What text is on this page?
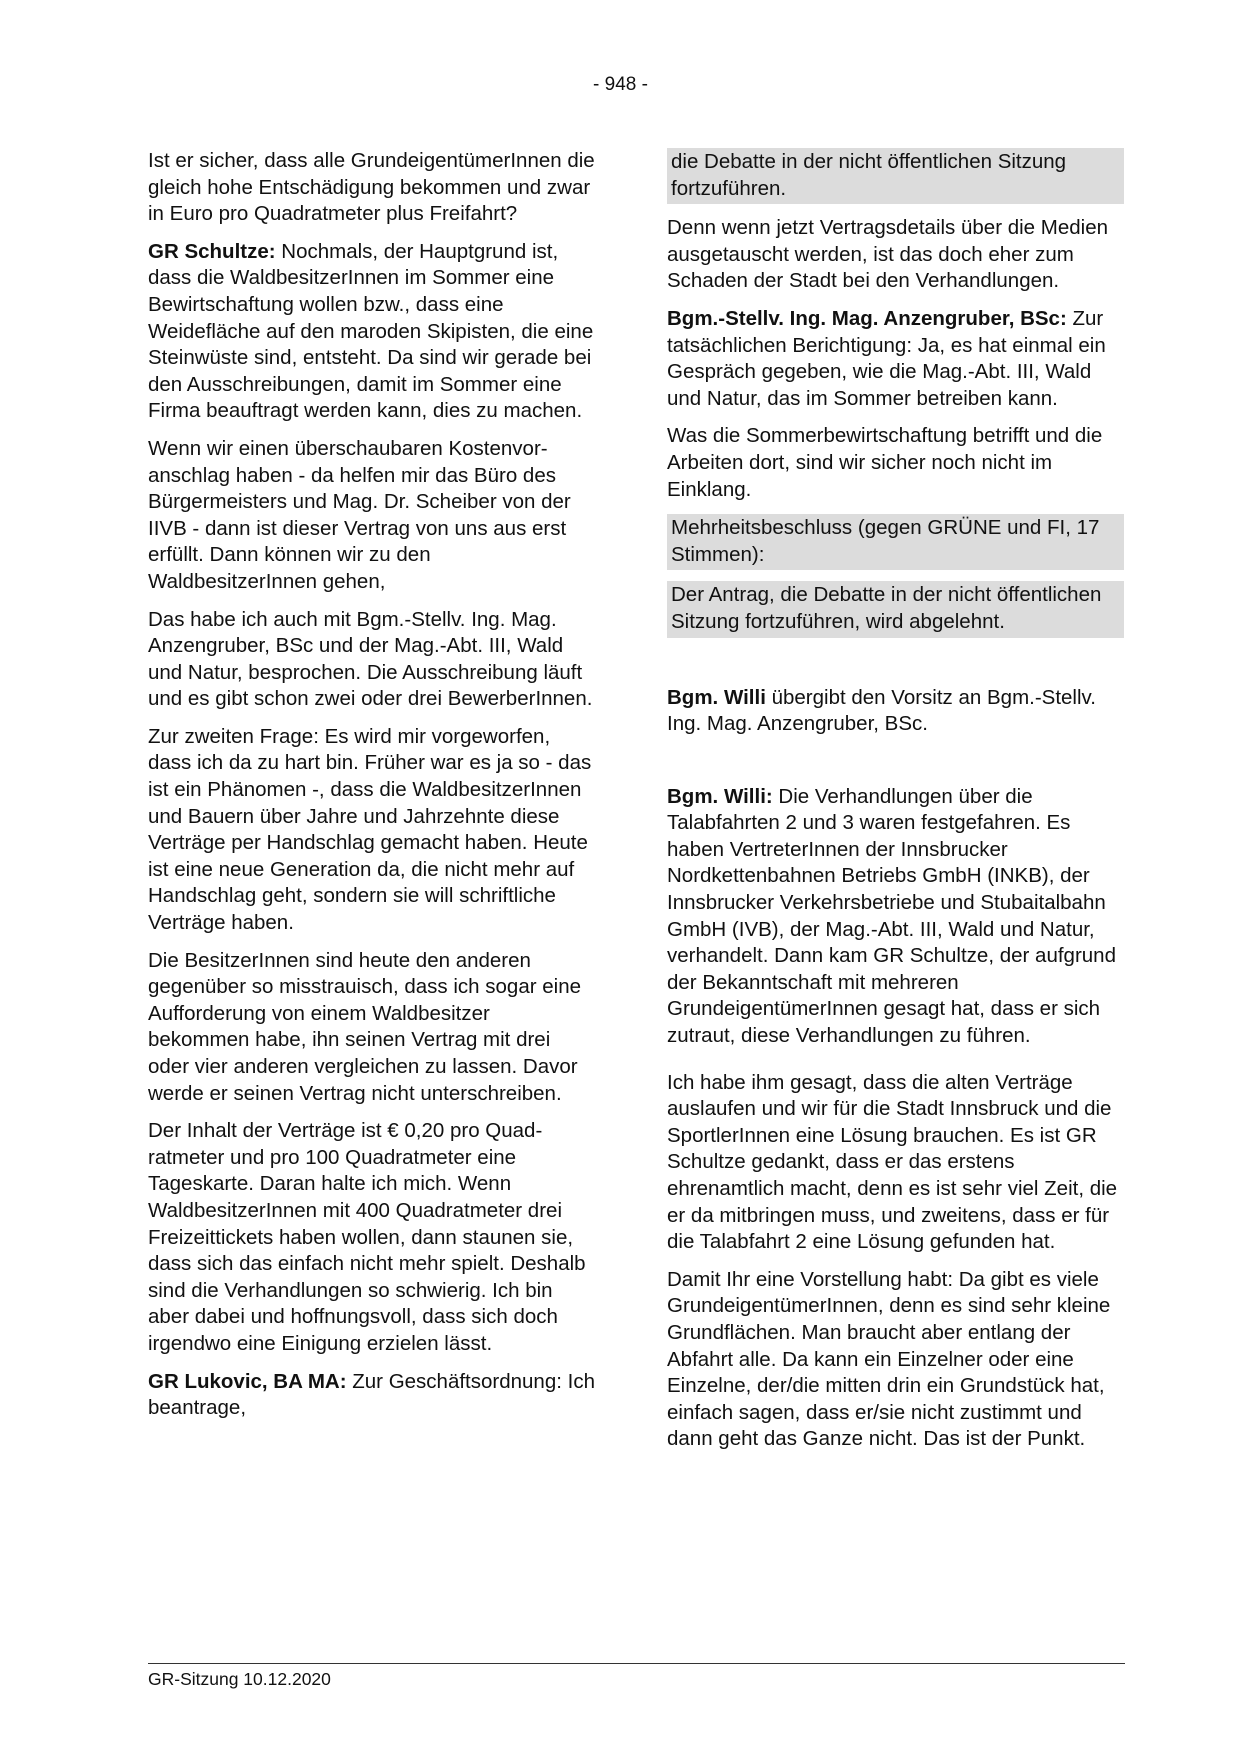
- 948 -

Ist er sicher, dass alle GrundeigentümerInnen die gleich hohe Entschädigung bekommen und zwar in Euro pro Quadratmeter plus Freifahrt?

GR Schultze: Nochmals, der Hauptgrund ist, dass die WaldbesitzerInnen im Sommer eine Bewirtschaftung wollen bzw., dass eine Weidefläche auf den maroden Skipisten, die eine Steinwüste sind, entsteht. Da sind wir gerade bei den Ausschreibungen, damit im Sommer eine Firma beauftragt werden kann, dies zu machen.

Wenn wir einen überschaubaren Kostenvoranschlag haben - da helfen mir das Büro des Bürgermeisters und Mag. Dr. Scheiber von der IIVB - dann ist dieser Vertrag von uns aus erst erfüllt. Dann können wir zu den WaldbesitzerInnen gehen,

Das habe ich auch mit Bgm.-Stellv. Ing. Mag. Anzengruber, BSc und der Mag.-Abt. III, Wald und Natur, besprochen. Die Ausschreibung läuft und es gibt schon zwei oder drei BewerberInnen.

Zur zweiten Frage: Es wird mir vorgeworfen, dass ich da zu hart bin. Früher war es ja so - das ist ein Phänomen -, dass die WaldbesitzerInnen und Bauern über Jahre und Jahrzehnte diese Verträge per Handschlag gemacht haben. Heute ist eine neue Generation da, die nicht mehr auf Handschlag geht, sondern sie will schriftliche Verträge haben.

Die BesitzerInnen sind heute den anderen gegenüber so misstrauisch, dass ich sogar eine Aufforderung von einem Waldbesitzer bekommen habe, ihn seinen Vertrag mit drei oder vier anderen vergleichen zu lassen. Davor werde er seinen Vertrag nicht unterschreiben.

Der Inhalt der Verträge ist € 0,20 pro Quadratmeter und pro 100 Quadratmeter eine Tageskarte. Daran halte ich mich. Wenn WaldbesitzerInnen mit 400 Quadratmeter drei Freizeittickets haben wollen, dann staunen sie, dass sich das einfach nicht mehr spielt. Deshalb sind die Verhandlungen so schwierig. Ich bin aber dabei und hoffnungsvoll, dass sich doch irgendwo eine Einigung erzielen lässt.

GR Lukovic, BA MA: Zur Geschäftsordnung: Ich beantrage,

die Debatte in der nicht öffentlichen Sitzung fortzuführen.

Denn wenn jetzt Vertragsdetails über die Medien ausgetauscht werden, ist das doch eher zum Schaden der Stadt bei den Verhandlungen.

Bgm.-Stellv. Ing. Mag. Anzengruber, BSc: Zur tatsächlichen Berichtigung: Ja, es hat einmal ein Gespräch gegeben, wie die Mag.-Abt. III, Wald und Natur, das im Sommer betreiben kann.

Was die Sommerbewirtschaftung betrifft und die Arbeiten dort, sind wir sicher noch nicht im Einklang.

Mehrheitsbeschluss (gegen GRÜNE und FI, 17 Stimmen):

Der Antrag, die Debatte in der nicht öffentlichen Sitzung fortzuführen, wird abgelehnt.

Bgm. Willi übergibt den Vorsitz an Bgm.-Stellv. Ing. Mag. Anzengruber, BSc.

Bgm. Willi: Die Verhandlungen über die Talabfahrten 2 und 3 waren festgefahren. Es haben VertreterInnen der Innsbrucker Nordkettenbahnen Betriebs GmbH (INKB), der Innsbrucker Verkehrsbetriebe und Stubaitalbahn GmbH (IVB), der Mag.-Abt. III, Wald und Natur, verhandelt. Dann kam GR Schultze, der aufgrund der Bekanntschaft mit mehreren GrundeigentümerInnen gesagt hat, dass er sich zutraut, diese Verhandlungen zu führen.

Ich habe ihm gesagt, dass die alten Verträge auslaufen und wir für die Stadt Innsbruck und die SportlerInnen eine Lösung brauchen. Es ist GR Schultze gedankt, dass er das erstens ehrenamtlich macht, denn es ist sehr viel Zeit, die er da mitbringen muss, und zweitens, dass er für die Talabfahrt 2 eine Lösung gefunden hat.

Damit Ihr eine Vorstellung habt: Da gibt es viele GrundeigentümerInnen, denn es sind sehr kleine Grundflächen. Man braucht aber entlang der Abfahrt alle. Da kann ein Einzelner oder eine Einzelne, der/die mitten drin ein Grundstück hat, einfach sagen, dass er/sie nicht zustimmt und dann geht das Ganze nicht. Das ist der Punkt.

GR-Sitzung 10.12.2020
